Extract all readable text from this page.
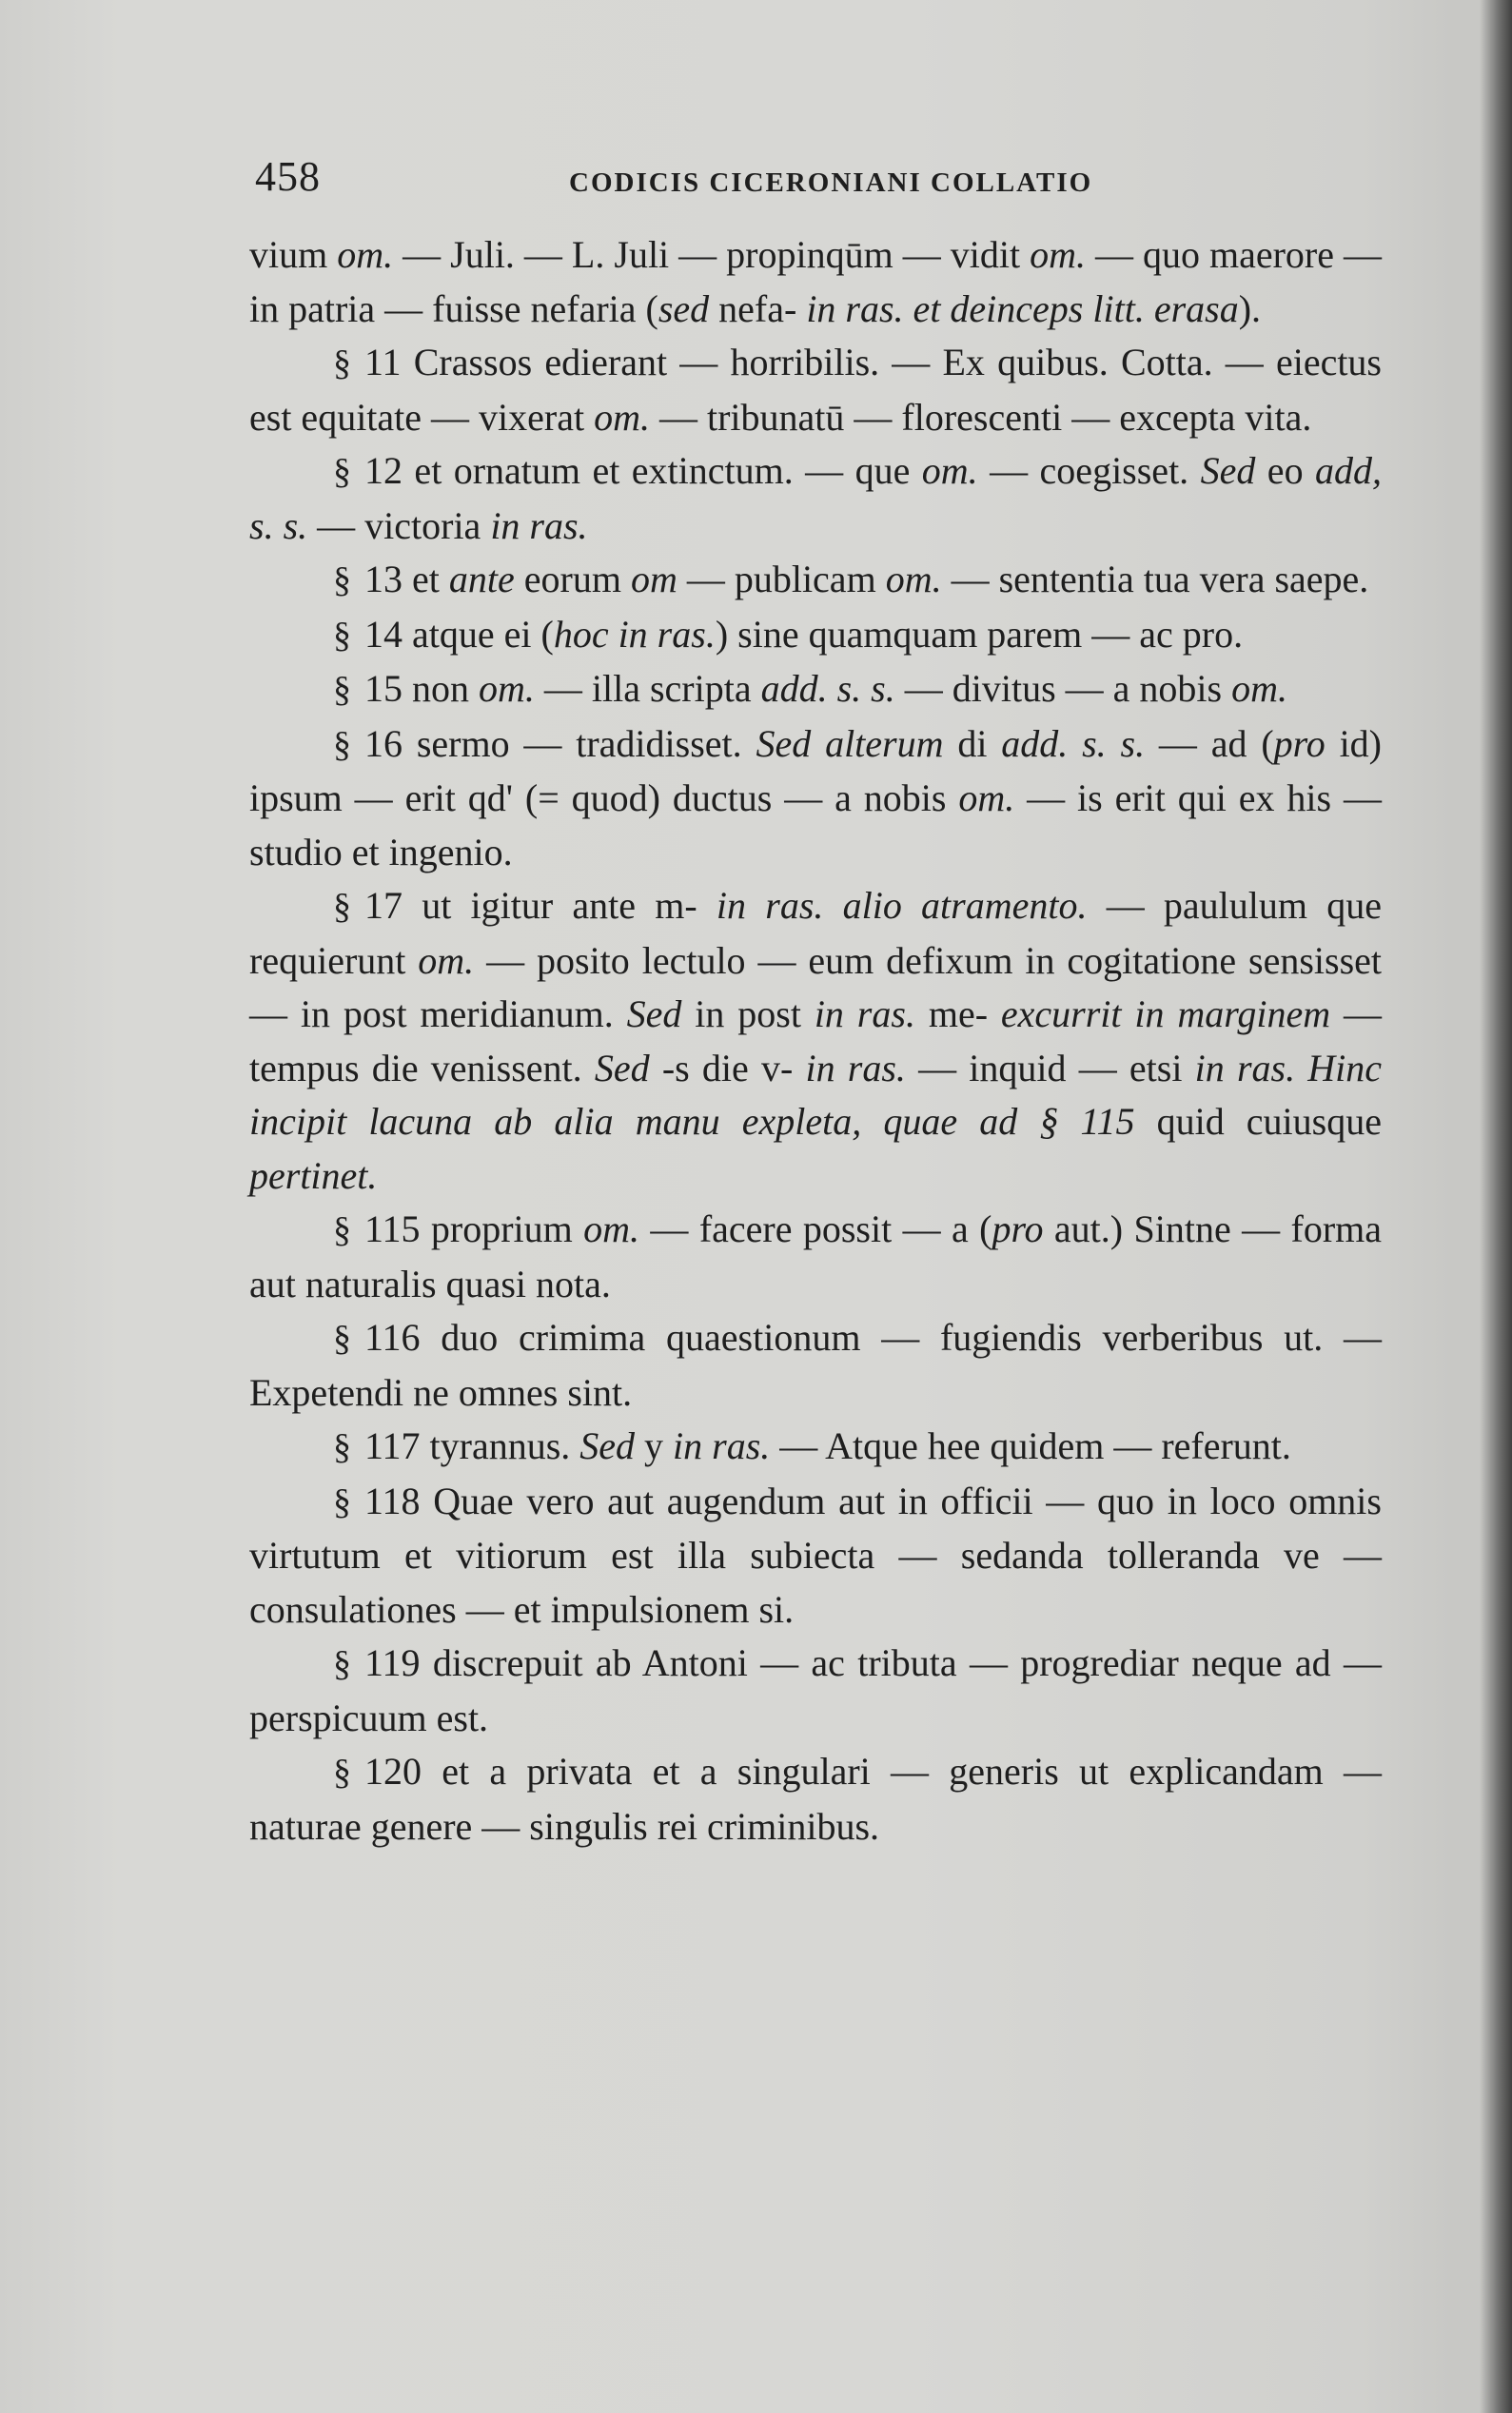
458	CODICIS CICERONIANI COLLATIO

vium om. — Juli. — L. Juli — propinqūm — vidit om. — quo maerore — in patria — fuisse nefaria (sed nefa- in ras. et deinceps litt. erasa).

§ 11 Crassos edierant — horribilis. — Ex quibus. Cotta. — eiectus est equitate — vixerat om. — tribunatū — florescenti — excepta vita.

§ 12 et ornatum et extinctum. — que om. — coegisset. Sed eo add, s. s. — victoria in ras.

§ 13 et ante eorum om — publicam om. — sententia tua vera saepe.

§ 14 atque ei (hoc in ras.) sine quamquam parem — ac pro.

§ 15 non om. — illa scripta add. s. s. — divitus — a nobis om.

§ 16 sermo — tradidisset. Sed alterum di add. s. s. — ad (pro id) ipsum — erit qd' (= quod) ductus — a nobis om. — is erit qui ex his — studio et ingenio.

§ 17 ut igitur ante m- in ras. alio atramento. — paululum que requierunt om. — posito lectulo — eum defixum in cogitatione sensisset — in post meridianum. Sed in post in ras. me- excurrit in marginem — tempus die venissent. Sed -s die v- in ras. — inquid — etsi in ras. Hinc incipit lacuna ab alia manu expleta, quae ad § 115 quid cuiusque pertinet.

§ 115 proprium om. — facere possit — a (pro aut.) Sintne — forma aut naturalis quasi nota.

§ 116 duo crimima quaestionum — fugiendis verberibus ut. — Expetendi ne omnes sint.

§ 117 tyrannus. Sed y in ras. — Atque hee quidem — referunt.

§ 118 Quae vero aut augendum aut in officii — quo in loco omnis virtutum et vitiorum est illa subiecta — sedanda tolleranda ve — consulationes — et impulsionem si.

§ 119 discrepuit ab Antoni — ac tributa — progrediar neque ad — perspicuum est.

§ 120 et a privata et a singulari — generis ut explicandam — naturae genere — singulis rei criminibus.
